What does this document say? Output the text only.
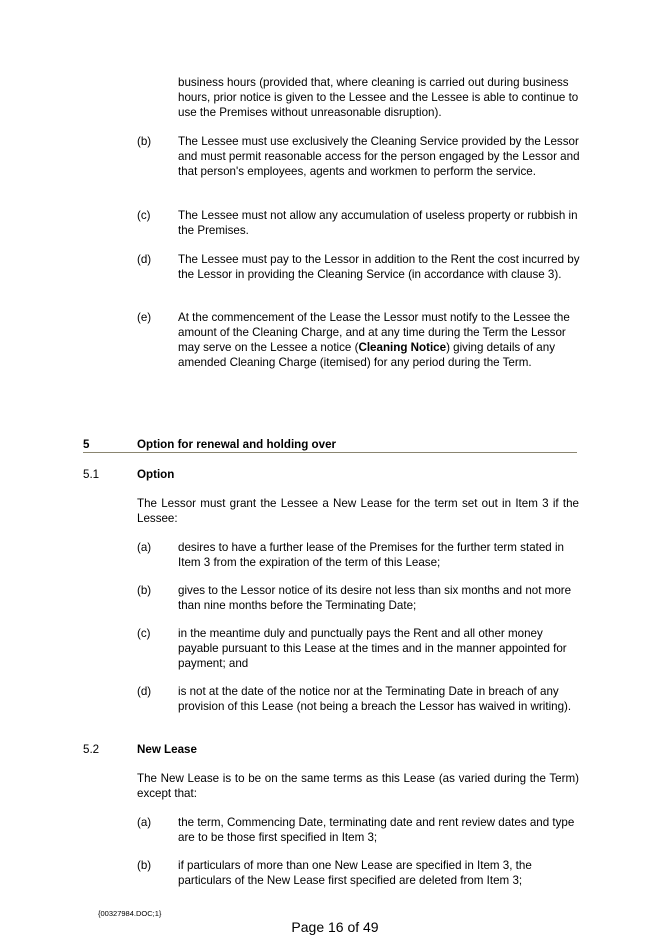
business hours (provided that, where cleaning is carried out during business hours, prior notice is given to the Lessee and the Lessee is able to continue to use the Premises without unreasonable disruption).
(b) The Lessee must use exclusively the Cleaning Service provided by the Lessor and must permit reasonable access for the person engaged by the Lessor and that person's employees, agents and workmen to perform the service.
(c) The Lessee must not allow any accumulation of useless property or rubbish in the Premises.
(d) The Lessee must pay to the Lessor in addition to the Rent the cost incurred by the Lessor in providing the Cleaning Service (in accordance with clause 3).
(e) At the commencement of the Lease the Lessor must notify to the Lessee the amount of the Cleaning Charge, and at any time during the Term the Lessor may serve on the Lessee a notice (Cleaning Notice) giving details of any amended Cleaning Charge (itemised) for any period during the Term.
5	Option for renewal and holding over
5.1	Option
The Lessor must grant the Lessee a New Lease for the term set out in Item 3 if the Lessee:
(a) desires to have a further lease of the Premises for the further term stated in Item 3 from the expiration of the term of this Lease;
(b) gives to the Lessor notice of its desire not less than six months and not more than nine months before the Terminating Date;
(c) in the meantime duly and punctually pays the Rent and all other money payable pursuant to this Lease at the times and in the manner appointed for payment; and
(d) is not at the date of the notice nor at the Terminating Date in breach of any provision of this Lease (not being a breach the Lessor has waived in writing).
5.2	New Lease
The New Lease is to be on the same terms as this Lease (as varied during the Term) except that:
(a) the term, Commencing Date, terminating date and rent review dates and type are to be those first specified in Item 3;
(b) if particulars of more than one New Lease are specified in Item 3, the particulars of the New Lease first specified are deleted from Item 3;
{00327984.DOC;1}
Page 16 of 49
